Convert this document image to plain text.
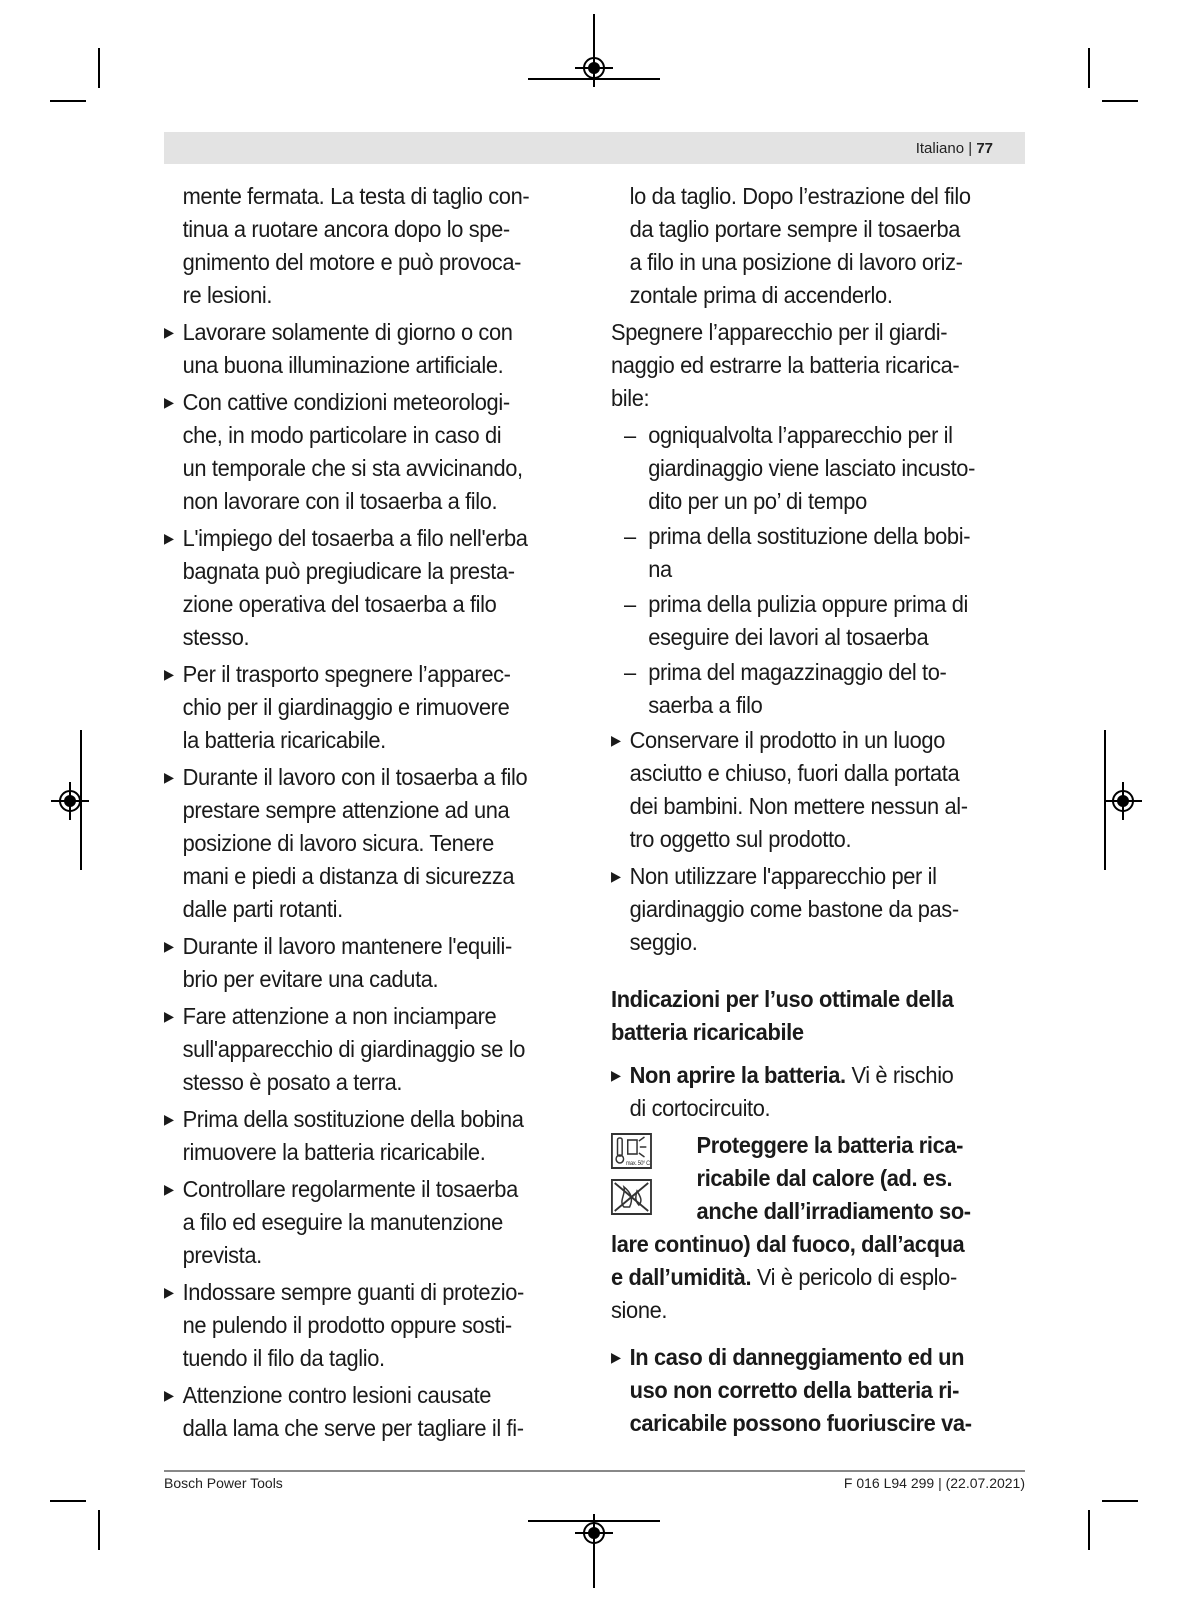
Italiano | 77
mente fermata. La testa di taglio con-
tinua a ruotare ancora dopo lo spe-
gnimento del motore e può provoca-
re lesioni.
▶ Lavorare solamente di giorno o con
una buona illuminazione artificiale.
▶ Con cattive condizioni meteorologi-
che, in modo particolare in caso di
un temporale che si sta avvicinando,
non lavorare con il tosaerba a filo.
▶ L'impiego del tosaerba a filo nell'erba
bagnata può pregiudicare la presta-
zione operativa del tosaerba a filo
stesso.
▶ Per il trasporto spegnere l’apparec-
chio per il giardinaggio e rimuovere
la batteria ricaricabile.
▶ Durante il lavoro con il tosaerba a filo
prestare sempre attenzione ad una
posizione di lavoro sicura. Tenere
mani e piedi a distanza di sicurezza
dalle parti rotanti.
▶ Durante il lavoro mantenere l'equili-
brio per evitare una caduta.
▶ Fare attenzione a non inciampare
sull'apparecchio di giardinaggio se lo
stesso è posato a terra.
▶ Prima della sostituzione della bobina
rimuovere la batteria ricaricabile.
▶ Controllare regolarmente il tosaerba
a filo ed eseguire la manutenzione
prevista.
▶ Indossare sempre guanti di protezio-
ne pulendo il prodotto oppure sosti-
tuendo il filo da taglio.
▶ Attenzione contro lesioni causate
dalla lama che serve per tagliare il fi-
lo da taglio. Dopo l’estrazione del filo
da taglio portare sempre il tosaerba
a filo in una posizione di lavoro oriz-
zontale prima di accenderlo.
Spegnere l’apparecchio per il giardi-
naggio ed estrarre la batteria ricarica-
bile:
– ogniqualvolta l’apparecchio per il
giardinaggio viene lasciato incusto-
dito per un po’ di tempo
– prima della sostituzione della bobi-
na
– prima della pulizia oppure prima di
eseguire dei lavori al tosaerba
– prima del magazzinaggio del to-
saerba a filo
▶ Conservare il prodotto in un luogo
asciutto e chiuso, fuori dalla portata
dei bambini. Non mettere nessun al-
tro oggetto sul prodotto.
▶ Non utilizzare l'apparecchio per il
giardinaggio come bastone da pas-
seggio.
Indicazioni per l’uso ottimale della
batteria ricaricabile
▶ Non aprire la batteria. Vi è rischio
di cortocircuito.
max. 50° C
Proteggere la batteria rica-
ricabile dal calore (ad. es.
anche dall’irradiamento so-
lare continuo) dal fuoco, dall’acqua
e dall’umidità. Vi è pericolo di esplo-
sione.
▶ In caso di danneggiamento ed un
uso non corretto della batteria ri-
caricabile possono fuoriuscire va-
Bosch Power Tools	F 016 L94 299 | (22.07.2021)
